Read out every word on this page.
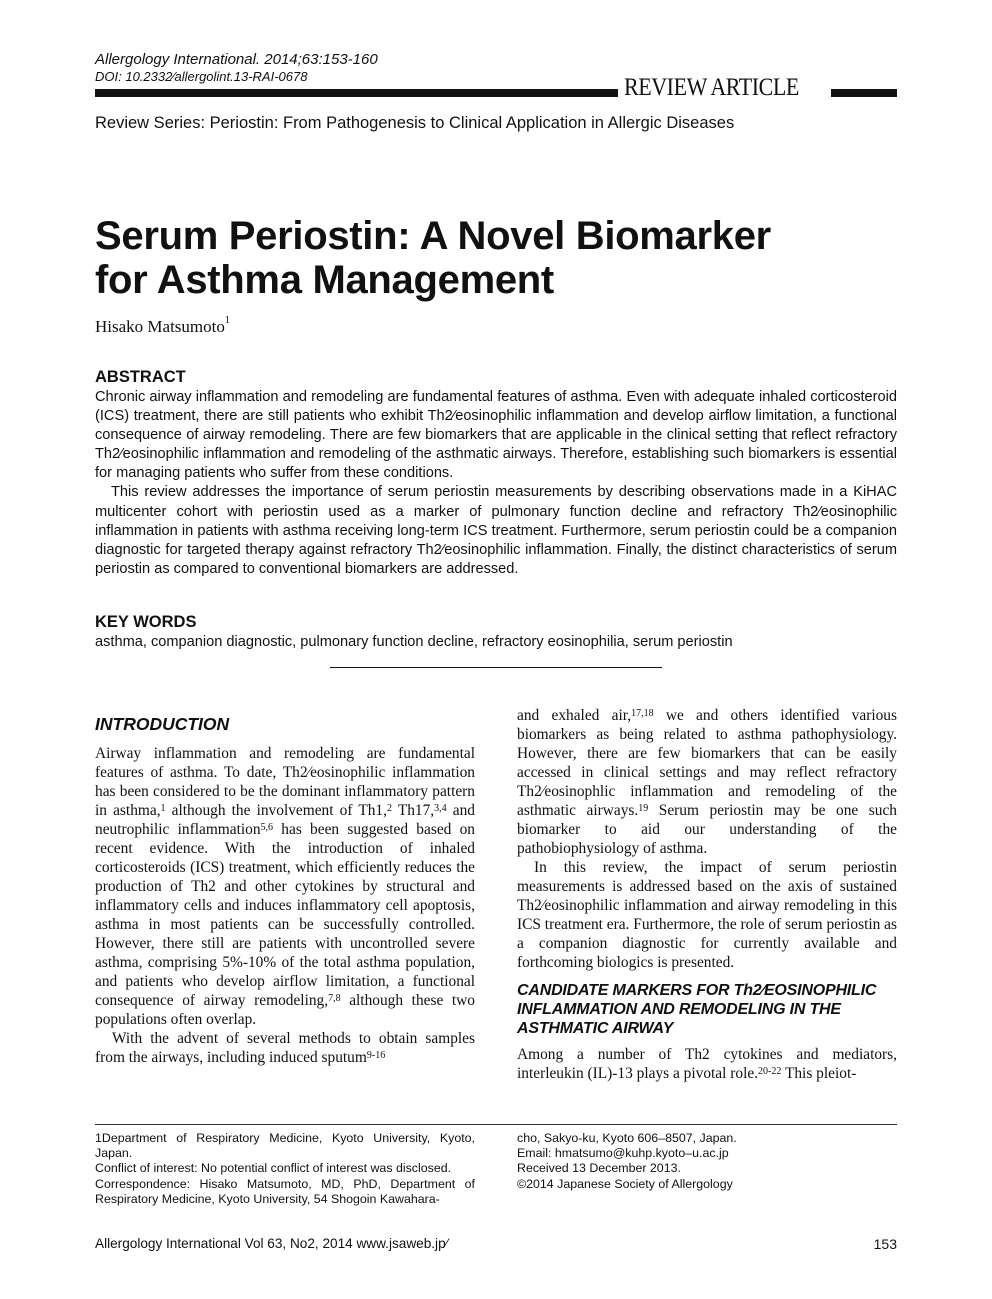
Allergology International. 2014;63:153-160
DOI: 10.2332⁄allergolint.13-RAI-0678	REVIEW ARTICLE
Review Series: Periostin: From Pathogenesis to Clinical Application in Allergic Diseases
Serum Periostin: A Novel Biomarker
for Asthma Management
Hisako Matsumoto$^1$
ABSTRACT

Chronic airway inflammation and remodeling are fundamental features of asthma. Even with adequate inhaled corticosteroid (ICS) treatment, there are still patients who exhibit Th2⁄eosinophilic inflammation and develop airflow limitation, a functional consequence of airway remodeling. There are few biomarkers that are applicable in the clinical setting that reflect refractory Th2⁄eosinophilic inflammation and remodeling of the asthmatic airways. Therefore, establishing such biomarkers is essential for managing patients who suffer from these conditions.

This review addresses the importance of serum periostin measurements by describing observations made in a KiHAC multicenter cohort with periostin used as a marker of pulmonary function decline and refractory Th2⁄eosinophilic inflammation in patients with asthma receiving long-term ICS treatment. Furthermore, serum periostin could be a companion diagnostic for targeted therapy against refractory Th2⁄eosinophilic inflammation. Finally, the distinct characteristics of serum periostin as compared to conventional biomarkers are addressed.

KEY WORDS
asthma, companion diagnostic, pulmonary function decline, refractory eosinophilia, serum periostin
INTRODUCTION

Airway inflammation and remodeling are fundamental features of asthma. To date, Th2⁄eosinophilic inflammation has been considered to be the dominant inflammatory pattern in asthma,$^1$ although the involvement of Th1,$^2$ Th17,$^{3,4}$ and neutrophilic inflammation$^{5,6}$ has been suggested based on recent evidence. With the introduction of inhaled corticosteroids (ICS) treatment, which efficiently reduces the production of Th2 and other cytokines by structural and inflammatory cells and induces inflammatory cell apoptosis, asthma in most patients can be successfully controlled. However, there still are patients with uncontrolled severe asthma, comprising 5%-10% of the total asthma population, and patients who develop airflow limitation, a functional consequence of airway remodeling,$^{7,8}$ although these two populations often overlap.

With the advent of several methods to obtain samples from the airways, including induced sputum$^{9-16}$

and exhaled air,$^{17,18}$ we and others identified various biomarkers as being related to asthma pathophysiology. However, there are few biomarkers that can be easily accessed in clinical settings and may reflect refractory Th2⁄eosinophlic inflammation and remodeling of the asthmatic airways.$^{19}$ Serum periostin may be one such biomarker to aid our understanding of the pathobiophysiology of asthma.

In this review, the impact of serum periostin measurements is addressed based on the axis of sustained Th2⁄eosinophilic inflammation and airway remodeling in this ICS treatment era. Furthermore, the role of serum periostin as a companion diagnostic for currently available and forthcoming biologics is presented.

CANDIDATE MARKERS FOR Th2⁄EOSINOPHILIC INFLAMMATION AND REMODELING IN THE ASTHMATIC AIRWAY

Among a number of Th2 cytokines and mediators, interleukin (IL)-13 plays a pivotal role.$^{20-22}$ This pleiot-

1Department of Respiratory Medicine, Kyoto University, Kyoto, Japan.

Conflict of interest: No potential conflict of interest was disclosed.

Correspondence: Hisako Matsumoto, MD, PhD, Department of Respiratory Medicine, Kyoto University, 54 Shogoin Kawahara-

cho, Sakyo-ku, Kyoto 606–8507, Japan.

Email: hmatsumo@kuhp.kyoto–u.ac.jp

Received 13 December 2013.

©2014 Japanese Society of Allergology

Allergology International Vol 63, No2, 2014 www.jsaweb.jp⁄	153
